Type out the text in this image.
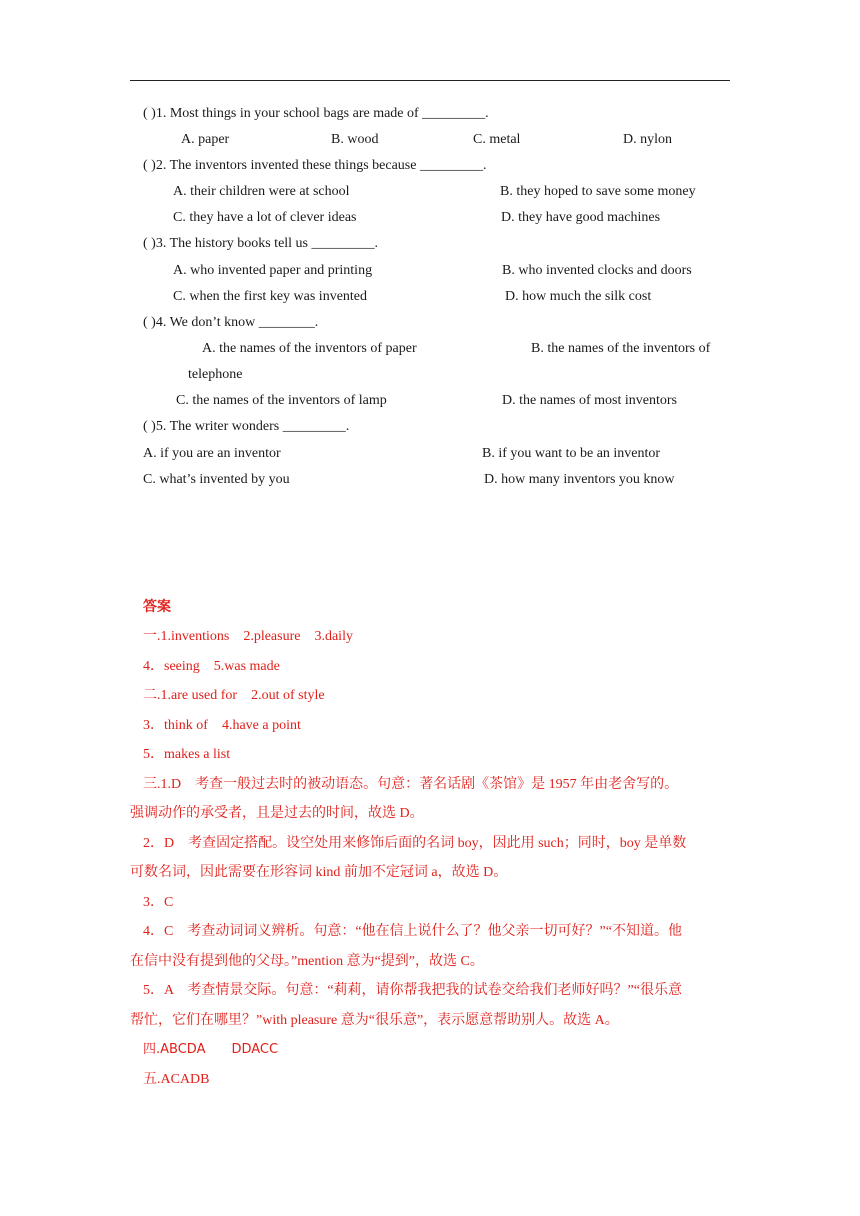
( )1. Most things in your school bags are made of _________.
A. paper	B. wood	C. metal	D. nylon
( )2. The inventors invented these things because _________.
A. their children were at school	B. they hoped to save some money
C. they have a lot of clever ideas	D. they have good machines
( )3. The history books tell us _________.
A. who invented paper and printing	B. who invented clocks and doors
C. when the first key was invented	D. how much the silk cost
( )4. We don’t know ________.
A. the names of the inventors of paper	B. the names of the inventors of
telephone
C. the names of the inventors of lamp	D. the names of most inventors
( )5. The writer wonders _________.
A. if you are an inventor	B. if you want to be an inventor
C. what’s invented by you	D. how many inventors you know
答案
一.1.inventions　2.pleasure　3.daily
4．seeing　5.was made
二.1.are used for　2.out of style
3．think of　4.have a point
5．makes a list
三.1.D　考查一般过去时的被动语态。句意：著名话剧《茶馆》是 1957 年由老舍写的。
强调动作的承受者，且是过去的时间，故选 D。
2．D　考查固定搭配。设空处用来修饰后面的名词 boy，因此用 such；同时，boy 是单数
可数名词，因此需要在形容词 kind 前加不定冠词 a，故选 D。
3．C
4．C　考查动词词义辨析。句意：“他在信上说什么了？他父亲一切可好？”“不知道。他
在信中没有提到他的父母。”mention 意为“提到”，故选 C。
5．A　考查情景交际。句意：“莉莉，请你帮我把我的试卷交给我们老师好吗？”“很乐意
帮忙，它们在哪里？”with pleasure 意为“很乐意”，表示愿意帮助别人。故选 A。
四.ABCDA　　DDACC
五.ACADB
